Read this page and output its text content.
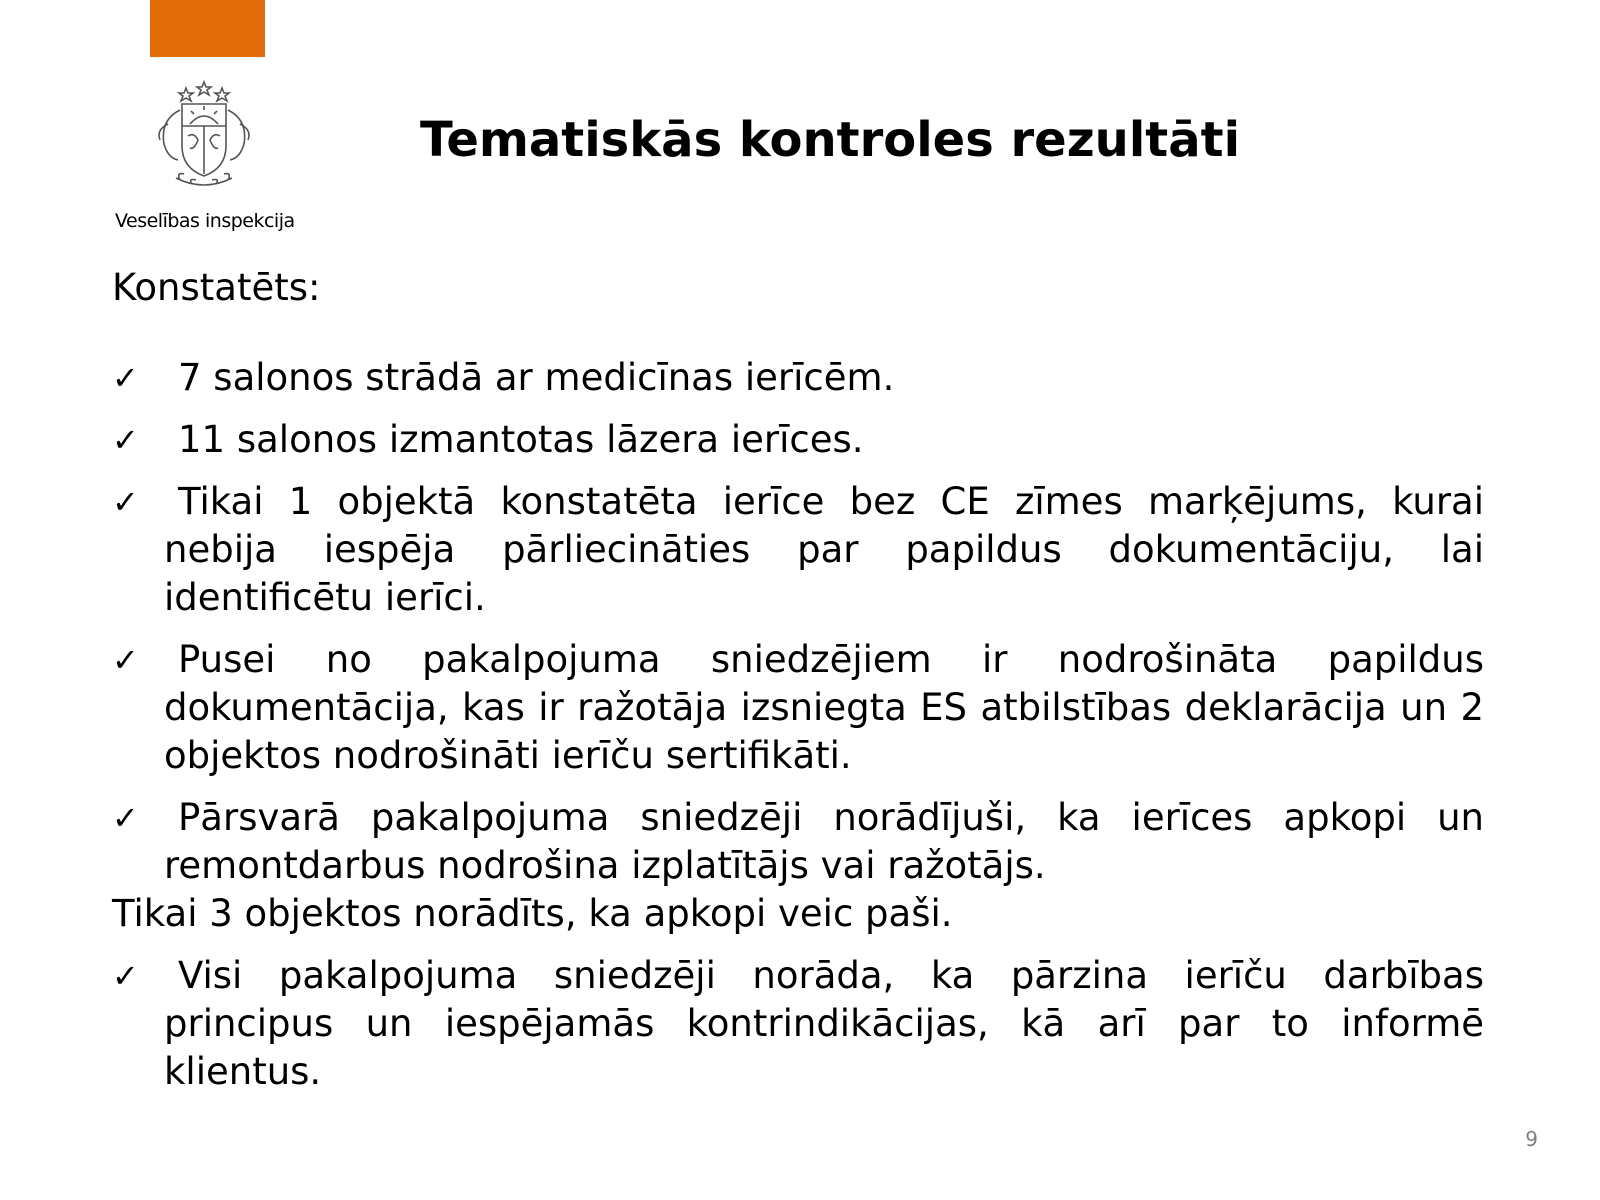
Veselības inspekcija
Tematiskās kontroles rezultāti

Konstatēts:

✓	7 salonos strādā ar medicīnas ierīcēm.
✓	11 salonos izmantotas lāzera ierīces.
✓	Tikai 1 objektā konstatēta ierīce bez CE zīmes marķējums, kurai nebija iespēja pārliecināties par papildus dokumentāciju, lai identificētu ierīci.
✓	Pusei no pakalpojuma sniedzējiem ir nodrošināta papildus dokumentācija, kas ir ražotāja izsniegta ES atbilstības deklarācija un 2 objektos nodrošināti ierīču sertifikāti.
✓	Pārsvarā pakalpojuma sniedzēji norādījuši, ka ierīces apkopi un remontdarbus nodrošina izplatītājs vai ražotājs.

Tikai 3 objektos norādīts, ka apkopi veic paši.

✓	Visi pakalpojuma sniedzēji norāda, ka pārzina ierīču darbības principus un iespējamās kontrindikācijas, kā arī par to informē klientus.
9
